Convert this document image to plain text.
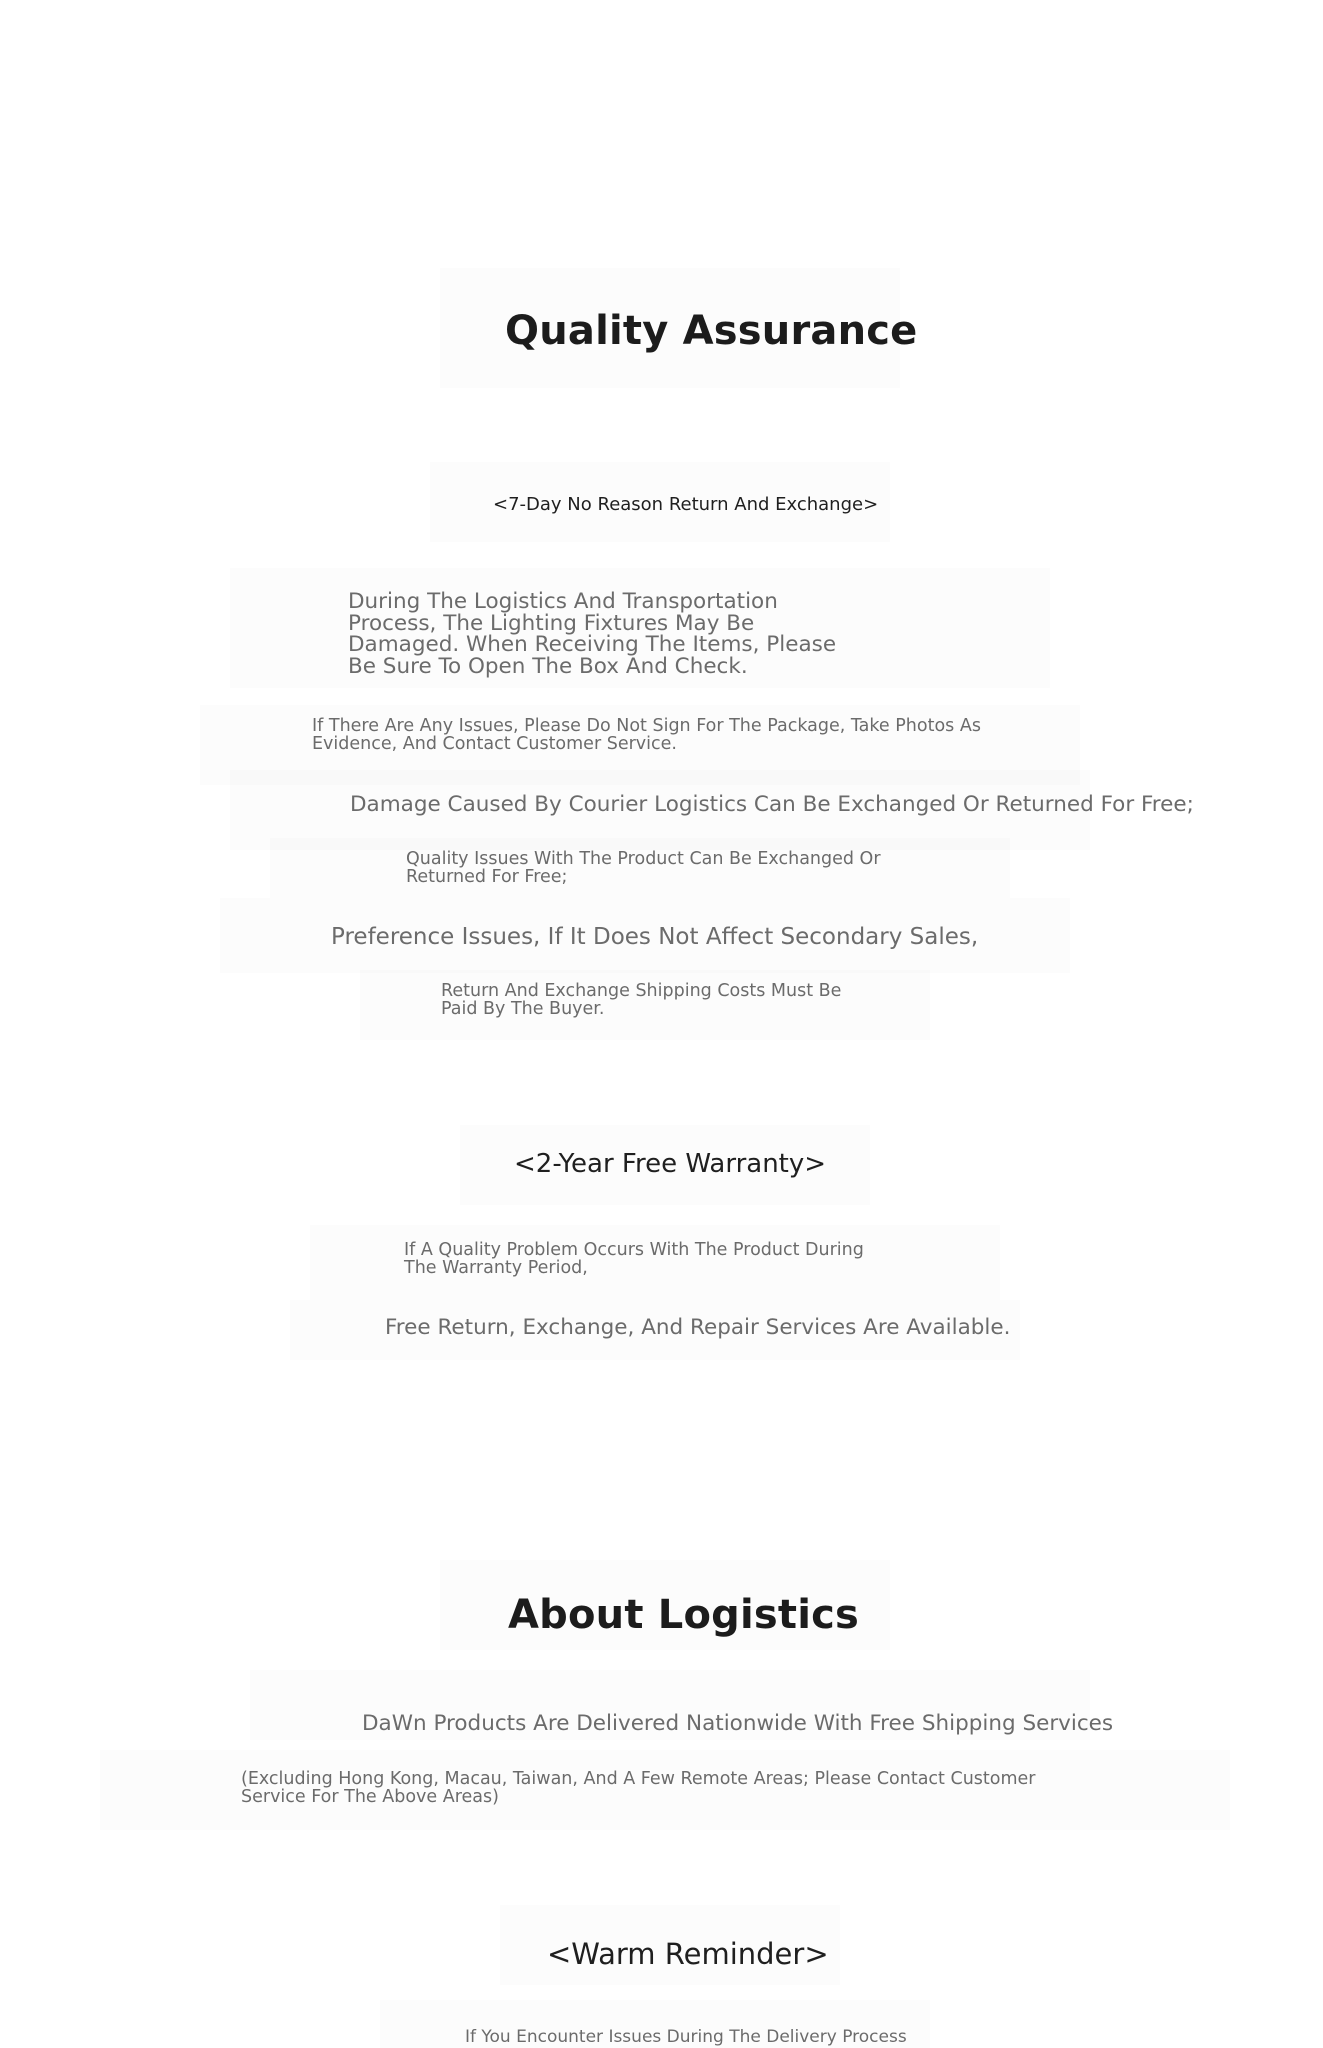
Quality Assurance
<7-Day No Reason Return And Exchange>

During The Logistics And Transportation Process, The Lighting Fixtures May Be Damaged. When Receiving The Items, Please Be Sure To Open The Box And Check.

If There Are Any Issues, Please Do Not Sign For The Package, Take Photos As Evidence, And Contact Customer Service.

Damage Caused By Courier Logistics Can Be Exchanged Or Returned For Free;

Quality Issues With The Product Can Be Exchanged Or Returned For Free;

Preference Issues, If It Does Not Affect Secondary Sales,

Return And Exchange Shipping Costs Must Be Paid By The Buyer.

<2-Year Free Warranty>

If A Quality Problem Occurs With The Product During The Warranty Period,

Free Return, Exchange, And Repair Services Are Available.

About Logistics

DaWn Products Are Delivered Nationwide With Free Shipping Services

(Excluding Hong Kong, Macau, Taiwan, And A Few Remote Areas; Please Contact Customer Service For The Above Areas)

<Warm Reminder>

If You Encounter Issues During The Delivery Process
